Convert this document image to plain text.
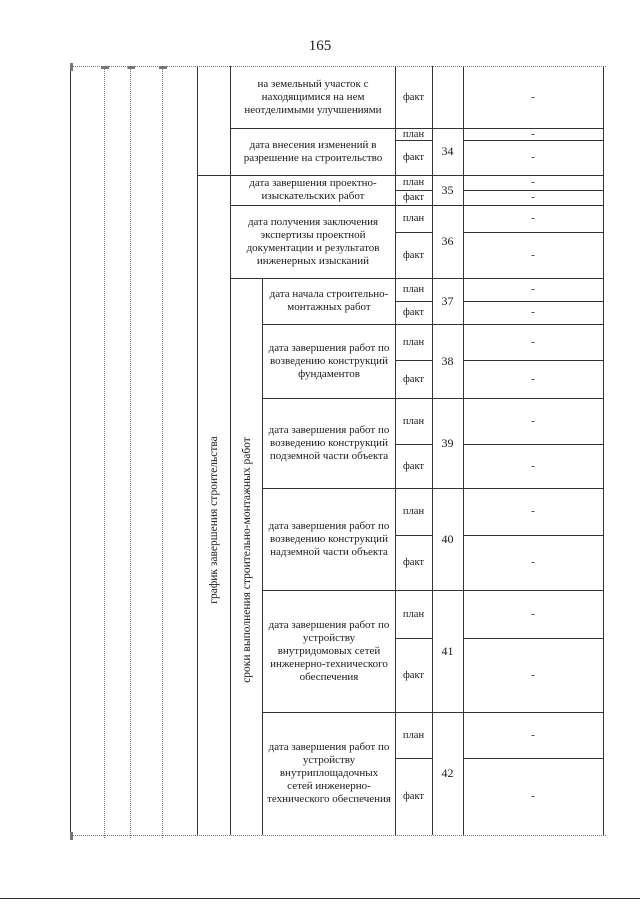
165
график завершения строительства сроки выполнения строительно-монтажных работ
на земельный участок с находящимися на нем неотделимыми улучшениями
факт	-
дата внесения изменений в разрешение на строительство
план
факт	34
-
-
дата завершения проектно-изыскательских работ
план
факт
35
-
-
дата получения заключения экспертизы проектной документации и результатов инженерных изысканий
план
факт
36
-
-
дата начала строительно-монтажных работ
план
факт
37
-
-
дата завершения работ по возведению конструкций фундаментов
план
факт
38
-
-
дата завершения работ по возведению конструкций подземной части объекта
план
факт
39
-
-
дата завершения работ по возведению конструкций надземной части объекта
план
факт
40
-
-
дата завершения работ по устройству внутридомовых сетей инженерно-технического обеспечения
план
факт
41
-
-
дата завершения работ по устройству внутриплощадочных сетей инженерно-технического обеспечения
план
факт
42
-
-
